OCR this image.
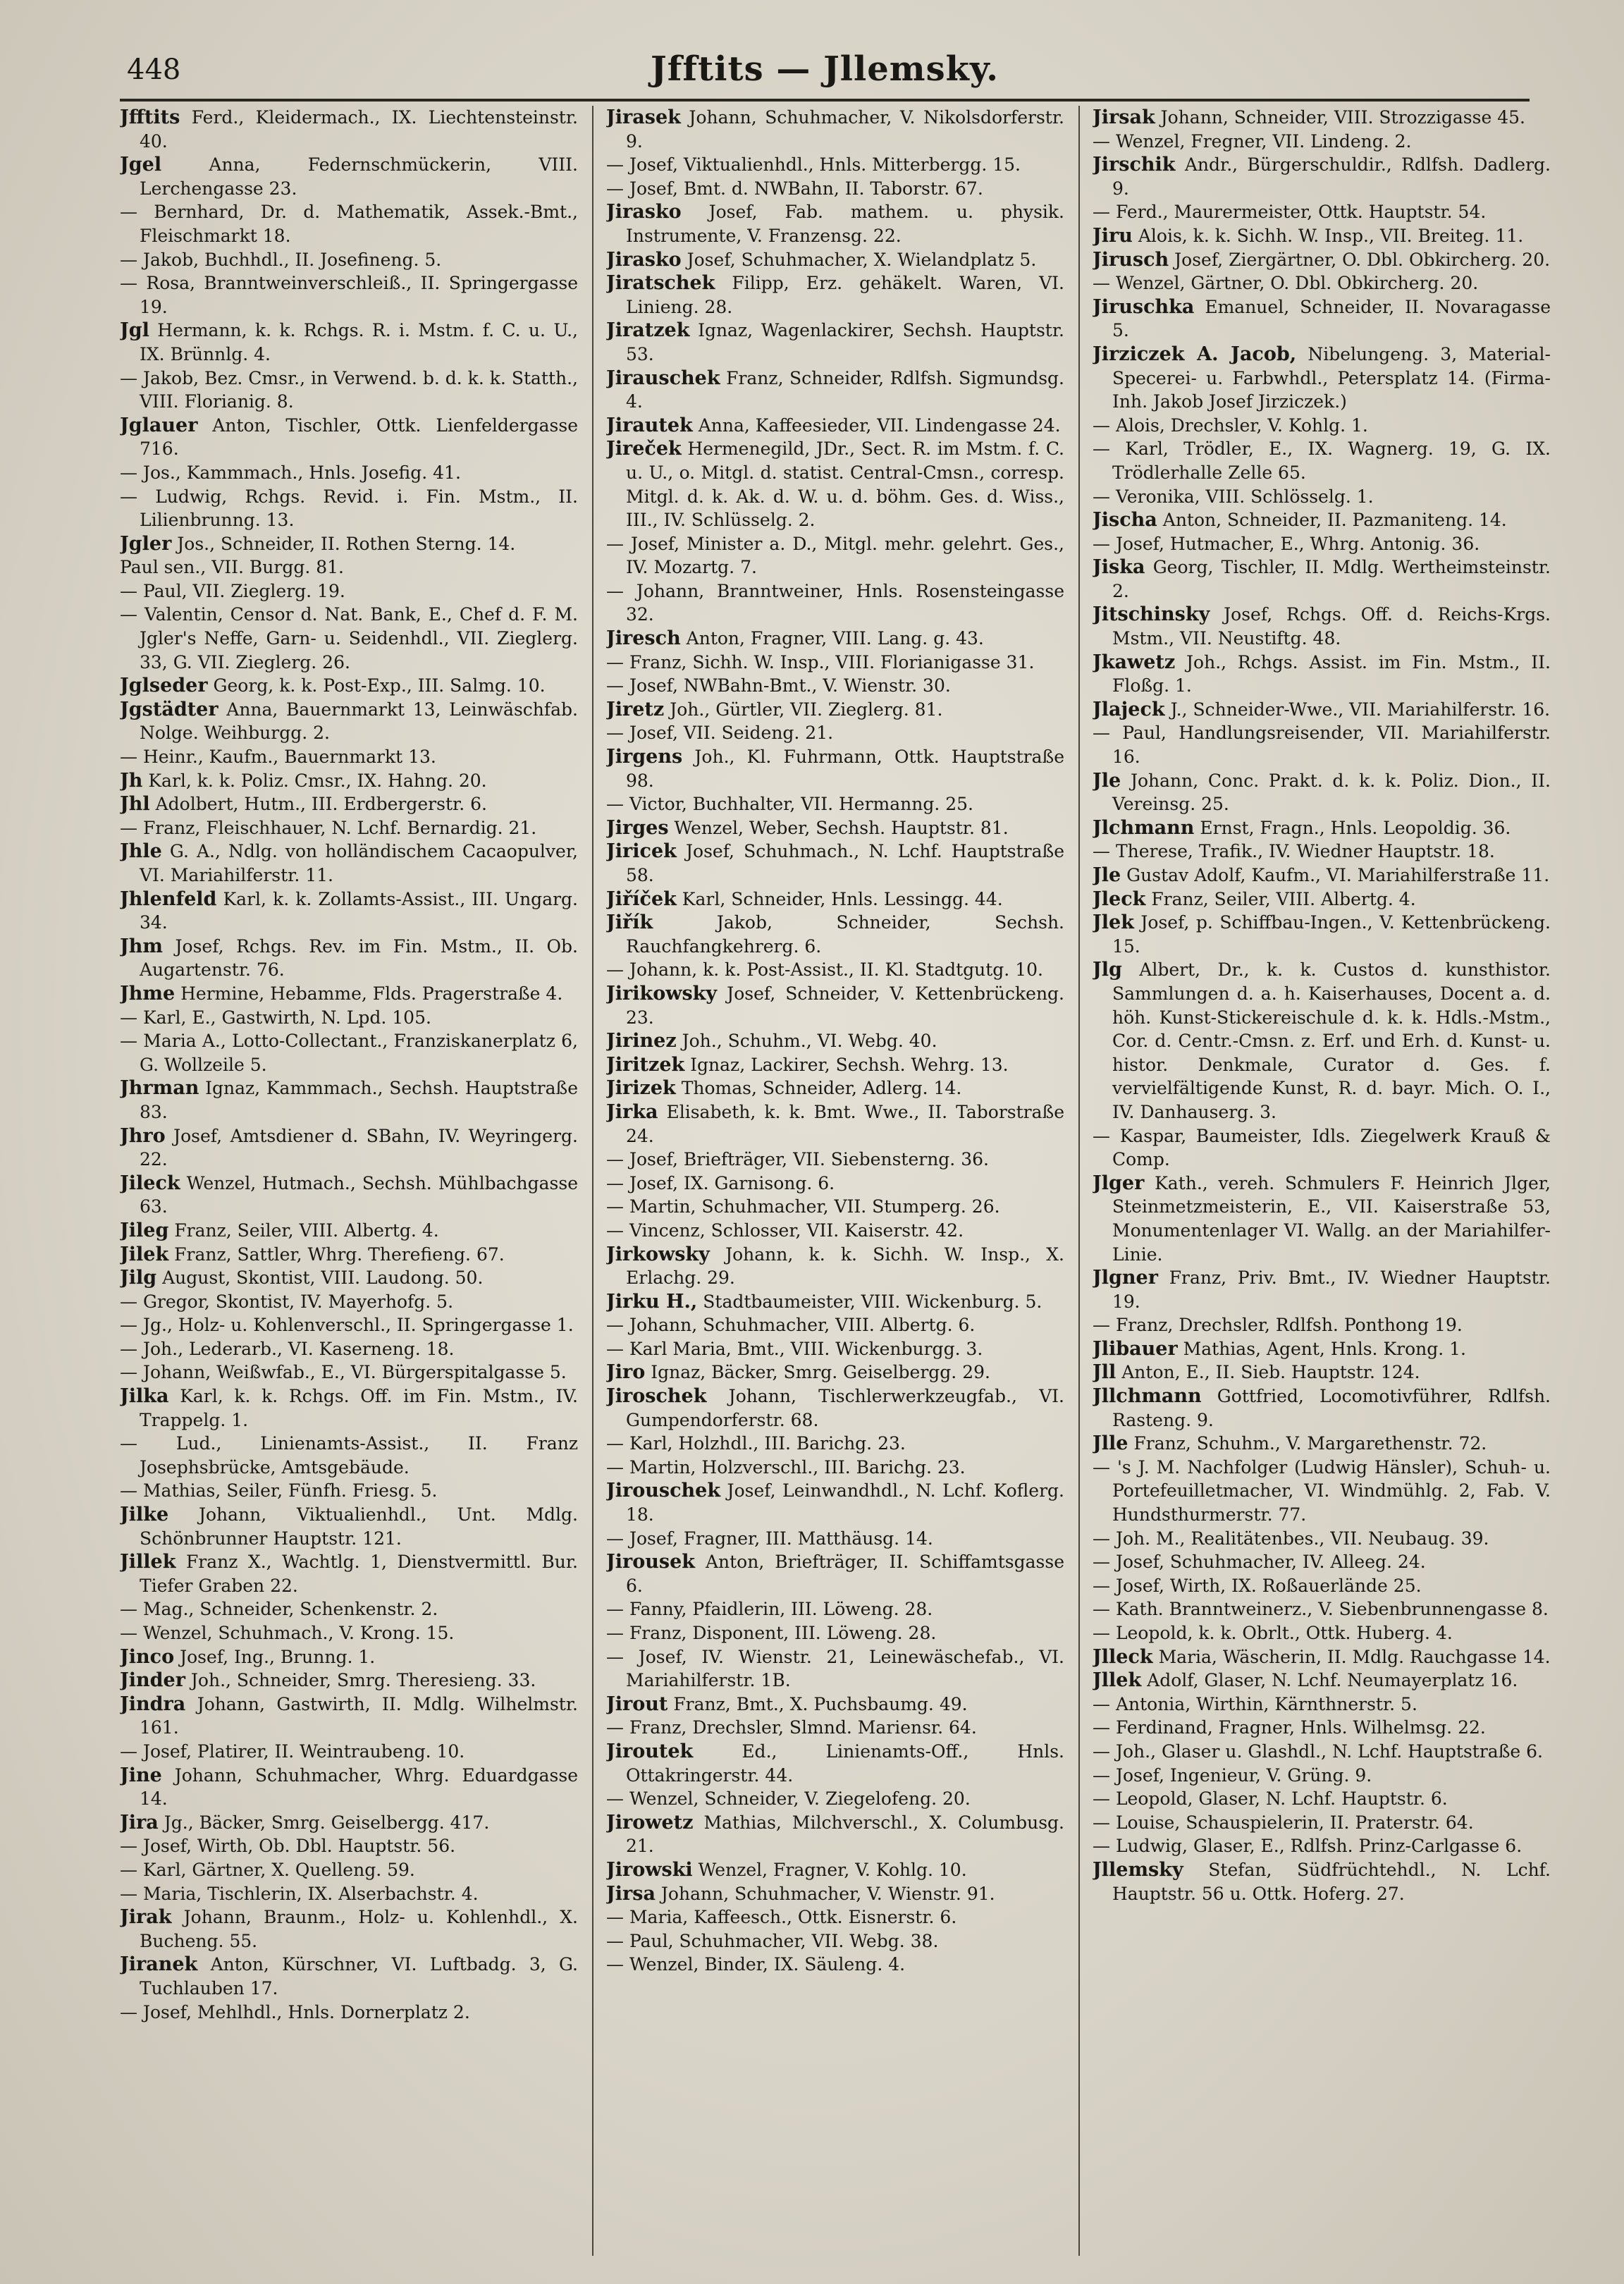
448	Jfftits — Jllemsky.

Jfftits Ferd., Kleidermach., IX. Liechtensteinstr. 40.

Jgel	Anna, Federnschmückerin, VIII. Lerchengasse 23.

— Bernhard, Dr. d. Mathematik, Assek.-Bmt., Fleischmarkt 18.

— Jakob, Buchhdl., II. Josefineng. 5.

— Rosa, Branntweinverschleiß., II. Springergasse 19.

Jgl Hermann, k. k. Rchgs. R. i. Mstm. f. C. u. U., IX. Brünnlg. 4.

— Jakob, Bez. Cmsr., in Verwend. b. d. k. k. Statth., VIII. Florianig. 8.

Jglauer Anton, Tischler, Ottk. Lienfeldergasse 716.

— Jos., Kammmach., Hnls. Josefig. 41.

— Ludwig, Rchgs. Revid. i. Fin. Mstm., II. Lilienbrunng. 13.

Jgler Jos., Schneider, II. Rothen Sterng. 14.

Paul sen., VII. Burgg. 81.

— Paul, VII. Zieglerg. 19.

— Valentin, Censor d. Nat. Bank, E., Chef d. F. M. Jgler's Neffe, Garn- u. Seidenhdl., VII. Zieglerg. 33, G. VII. Zieglerg. 26.

Jglseder Georg, k. k. Post-Exp., III. Salmg. 10.

Jgstädter Anna, Bauernmarkt 13, Leinwäschfab. Nolge. Weihburgg. 2.

— Heinr., Kaufm., Bauernmarkt 13.

Jh Karl, k. k. Poliz. Cmsr., IX. Hahng. 20.

Jhl Adolbert, Hutm., III. Erdbergerstr. 6.

— Franz, Fleischhauer, N. Lchf. Bernardig. 21.

Jhle G. A., Ndlg. von holländischem Cacaopulver, VI. Mariahilferstr. 11.

Jhlenfeld Karl, k. k. Zollamts-Assist., III. Ungarg. 34.

Jhm Josef, Rchgs. Rev. im Fin. Mstm., II. Ob. Augartenstr. 76.

Jhme Hermine, Hebamme, Flds. Pragerstraße 4.

— Karl, E., Gastwirth, N. Lpd. 105.

— Maria A., Lotto-Collectant., Franziskanerplatz 6, G. Wollzeile 5.

Jhrman Ignaz, Kammmach., Sechsh. Hauptstraße 83.

Jhro Josef, Amtsdiener d. SBahn, IV. Weyringerg. 22.

Jileck Wenzel, Hutmach., Sechsh. Mühlbachgasse 63.

Jileg Franz, Seiler, VIII. Albertg. 4.

Jilek Franz, Sattler, Whrg. Therefieng. 67.

Jilg August, Skontist, VIII. Laudong. 50.

— Gregor, Skontist, IV. Mayerhofg. 5.

— Jg., Holz- u. Kohlenverschl., II. Springergasse 1.

— Joh., Lederarb., VI. Kaserneng. 18.

— Johann, Weißwfab., E., VI. Bürgerspitalgasse 5.

Jilka Karl, k. k. Rchgs. Off. im Fin. Mstm., IV. Trappelg. 1.

— Lud., Linienamts-Assist., II. Franz Josephsbrücke, Amtsgebäude.

— Mathias, Seiler, Fünfh. Friesg. 5.

Jilke Johann, Viktualienhdl., Unt. Mdlg. Schönbrunner Hauptstr. 121.

Jillek Franz X., Wachtlg. 1, Dienstvermittl. Bur. Tiefer Graben 22.

— Mag., Schneider, Schenkenstr. 2.

— Wenzel, Schuhmach., V. Krong. 15.

Jinco Josef, Ing., Brunng. 1.

Jinder Joh., Schneider, Smrg. Theresieng. 33.

Jindra Johann, Gastwirth, II. Mdlg. Wilhelmstr. 161.

— Josef, Platirer, II. Weintraubeng. 10.

Jine Johann, Schuhmacher, Whrg. Eduardgasse 14.

Jira Jg., Bäcker, Smrg. Geiselbergg. 417.

— Josef, Wirth, Ob. Dbl. Hauptstr. 56.

— Karl, Gärtner, X. Quelleng. 59.

— Maria, Tischlerin, IX. Alserbachstr. 4.

Jirak Johann, Braunm., Holz- u. Kohlenhdl., X. Bucheng. 55.

Jiranek Anton, Kürschner, VI. Luftbadg. 3, G. Tuchlauben 17.

— Josef, Mehlhdl., Hnls. Dornerplatz 2.

Jirasek Johann, Schuhmacher, V. Nikolsdorferstr. 9.

— Josef, Viktualienhdl., Hnls. Mitterbergg. 15.

— Josef, Bmt. d. NWBahn, II. Taborstr. 67.

Jirasko Josef, Fab. mathem. u. physik. Instrumente, V. Franzensg. 22.

Jirasko Josef, Schuhmacher, X. Wielandplatz 5.

Jiratschek Filipp, Erz. gehäkelt. Waren, VI. Linieng. 28.

Jiratzek Ignaz, Wagenlackirer, Sechsh. Hauptstr. 53.

Jirauschek Franz, Schneider, Rdlfsh. Sigmundsg. 4.

Jirautek Anna, Kaffeesieder, VII. Lindengasse 24.

Jireček Hermenegild, JDr., Sect. R. im Mstm. f. C. u. U., o. Mitgl. d. statist. Central-Cmsn., corresp. Mitgl. d. k. Ak. d. W. u. d. böhm. Ges. d. Wiss., III., IV. Schlüsselg. 2.

— Josef, Minister a. D., Mitgl. mehr. gelehrt. Ges., IV. Mozartg. 7.

— Johann, Branntweiner, Hnls. Rosensteingasse 32.

Jiresch Anton, Fragner, VIII. Lang. g. 43.

— Franz, Sichh. W. Insp., VIII. Florianigasse 31.

— Josef, NWBahn-Bmt., V. Wienstr. 30.

Jiretz Joh., Gürtler, VII. Zieglerg. 81.

— Josef, VII. Seideng. 21.

Jirgens Joh., Kl. Fuhrmann, Ottk. Hauptstraße 98.

— Victor, Buchhalter, VII. Hermanng. 25.

Jirges Wenzel, Weber, Sechsh. Hauptstr. 81.

Jiricek Josef, Schuhmach., N. Lchf. Hauptstraße 58.

Jiříček Karl, Schneider, Hnls. Lessingg. 44.

Jiřík	Jakob, Schneider, Sechsh. Rauchfangkehrerg. 6.

— Johann, k. k. Post-Assist., II. Kl. Stadtgutg. 10.

Jirikowsky Josef, Schneider, V. Kettenbrückeng. 23.

Jirinez Joh., Schuhm., VI. Webg. 40.

Jiritzek Ignaz, Lackirer, Sechsh. Wehrg. 13.

Jirizek Thomas, Schneider, Adlerg. 14.

Jirka Elisabeth, k. k. Bmt. Wwe., II. Taborstraße 24.

— Josef, Briefträger, VII. Siebensterng. 36.

— Josef, IX. Garnisong. 6.

— Martin, Schuhmacher, VII. Stumperg. 26.

— Vincenz, Schlosser, VII. Kaiserstr. 42.

Jirkowsky Johann, k. k. Sichh. W. Insp., X. Erlachg. 29.

Jirku H., Stadtbaumeister, VIII. Wickenburg. 5.

— Johann, Schuhmacher, VIII. Albertg. 6.

— Karl Maria, Bmt., VIII. Wickenburgg. 3.

Jiro Ignaz, Bäcker, Smrg. Geiselbergg. 29.

Jiroschek Johann, Tischlerwerkzeugfab., VI. Gumpendorferstr. 68.

— Karl, Holzhdl., III. Barichg. 23.

— Martin, Holzverschl., III. Barichg. 23.

Jirouschek Josef, Leinwandhdl., N. Lchf. Koflerg. 18.

— Josef, Fragner, III. Matthäusg. 14.

Jirousek Anton, Briefträger, II. Schiffamtsgasse 6.

— Fanny, Pfaidlerin, III. Löweng. 28.

— Franz, Disponent, III. Löweng. 28.

— Josef, IV. Wienstr. 21, Leinewäschefab., VI. Mariahilferstr. 1B.

Jirout Franz, Bmt., X. Puchsbaumg. 49.

— Franz, Drechsler, Slmnd. Mariensr. 64.

Jiroutek	Ed., Linienamts-Off., Hnls. Ottakringerstr. 44.

— Wenzel, Schneider, V. Ziegelofeng. 20.

Jirowetz Mathias, Milchverschl., X. Columbusg. 21.

Jirowski Wenzel, Fragner, V. Kohlg. 10.

Jirsa Johann, Schuhmacher, V. Wienstr. 91.

— Maria, Kaffeesch., Ottk. Eisnerstr. 6.

— Paul, Schuhmacher, VII. Webg. 38.

— Wenzel, Binder, IX. Säuleng. 4.

Jirsak Johann, Schneider, VIII. Strozzigasse 45.

— Wenzel, Fregner, VII. Lindeng. 2.

Jirschik Andr., Bürgerschuldir., Rdlfsh. Dadlerg. 9.

— Ferd., Maurermeister, Ottk. Hauptstr. 54.

Jiru Alois, k. k. Sichh. W. Insp., VII. Breiteg. 11.

Jirusch Josef, Ziergärtner, O. Dbl. Obkircherg. 20.

— Wenzel, Gärtner, O. Dbl. Obkircherg. 20.

Jiruschka Emanuel, Schneider, II. Novaragasse 5.

Jirziczek A. Jacob, Nibelungeng. 3, Material-Specerei- u. Farbwhdl., Petersplatz 14. (Firma-Inh. Jakob Josef Jirziczek.)

— Alois, Drechsler, V. Kohlg. 1.

— Karl, Trödler, E., IX. Wagnerg. 19, G. IX. Trödlerhalle Zelle 65.

— Veronika, VIII. Schlösselg. 1.

Jischa Anton, Schneider, II. Pazmaniteng. 14.

— Josef, Hutmacher, E., Whrg. Antonig. 36.

Jiska Georg, Tischler, II. Mdlg. Wertheimsteinstr. 2.

Jitschinsky Josef, Rchgs. Off. d. Reichs-Krgs. Mstm., VII. Neustiftg. 48.

Jkawetz Joh., Rchgs. Assist. im Fin. Mstm., II. Floßg. 1.

Jlajeck J., Schneider-Wwe., VII. Mariahilferstr. 16.

— Paul, Handlungsreisender, VII. Mariahilferstr. 16.

Jle Johann, Conc. Prakt. d. k. k. Poliz. Dion., II. Vereinsg. 25.

Jlchmann Ernst, Fragn., Hnls. Leopoldig. 36.

— Therese, Trafik., IV. Wiedner Hauptstr. 18.

Jle Gustav Adolf, Kaufm., VI. Mariahilferstraße 11.

Jleck Franz, Seiler, VIII. Albertg. 4.

Jlek Josef, p. Schiffbau-Ingen., V. Kettenbrückeng. 15.

Jlg Albert, Dr., k. k. Custos d. kunsthistor. Sammlungen d. a. h. Kaiserhauses, Docent a. d. höh. Kunst-Stickereischule d. k. k. Hdls.-Mstm., Cor. d. Centr.-Cmsn. z. Erf. und Erh. d. Kunst- u. histor. Denkmale, Curator d. Ges. f. vervielfältigende Kunst, R. d. bayr. Mich. O. I., IV. Danhauserg. 3.

— Kaspar, Baumeister, Idls. Ziegelwerk Krauß & Comp.

Jlger Kath., vereh. Schmulers F. Heinrich Jlger, Steinmetzmeisterin, E., VII. Kaiserstraße 53, Monumentenlager VI. Wallg. an der Mariahilfer-Linie.

Jlgner Franz, Priv. Bmt., IV. Wiedner Hauptstr. 19.

— Franz, Drechsler, Rdlfsh. Ponthong 19.

Jlibauer Mathias, Agent, Hnls. Krong. 1.

Jll Anton, E., II. Sieb. Hauptstr. 124.

Jllchmann Gottfried, Locomotivführer, Rdlfsh. Rasteng. 9.

Jlle Franz, Schuhm., V. Margarethenstr. 72.

— 's J. M. Nachfolger (Ludwig Hänsler), Schuh- u. Portefeuilletmacher, VI. Windmühlg. 2, Fab. V. Hundsthurmerstr. 77.

— Joh. M., Realitätenbes., VII. Neubaug. 39.

— Josef, Schuhmacher, IV. Alleeg. 24.

— Josef, Wirth, IX. Roßauerlände 25.

— Kath. Branntweinerz., V. Siebenbrunnengasse 8.

— Leopold, k. k. Obrlt., Ottk. Huberg. 4.

Jlleck Maria, Wäscherin, II. Mdlg. Rauchgasse 14.

Jllek Adolf, Glaser, N. Lchf. Neumayerplatz 16.

— Antonia, Wirthin, Kärnthnerstr. 5.

— Ferdinand, Fragner, Hnls. Wilhelmsg. 22.

— Joh., Glaser u. Glashdl., N. Lchf. Hauptstraße 6.

— Josef, Ingenieur, V. Grüng. 9.

— Leopold, Glaser, N. Lchf. Hauptstr. 6.

— Louise, Schauspielerin, II. Praterstr. 64.

— Ludwig, Glaser, E., Rdlfsh. Prinz-Carlgasse 6.

Jllemsky Stefan, Südfrüchtehdl., N. Lchf. Hauptstr. 56 u. Ottk. Hoferg. 27.
